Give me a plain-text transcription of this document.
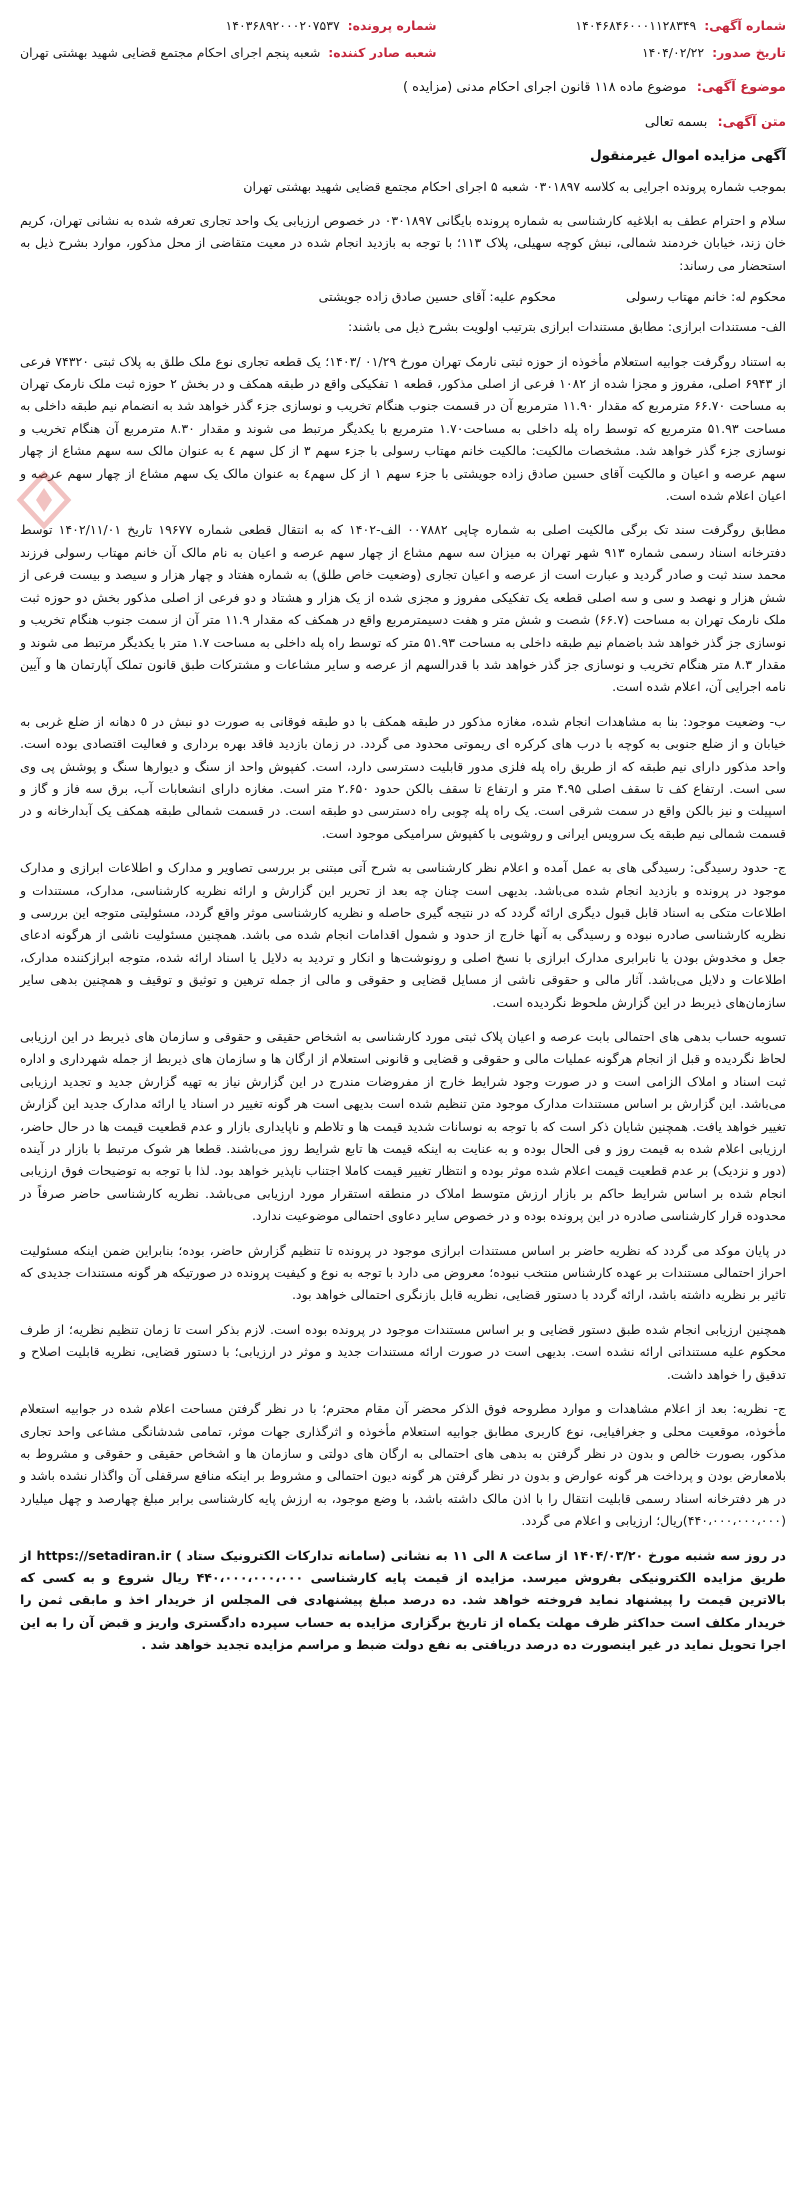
شماره آگهی:
۱۴۰۴۶۸۴۶۰۰۰۱۱۲۸۳۴۹
شماره پرونده:
۱۴۰۳۶۸۹۲۰۰۰۲۰۷۵۳۷
تاریخ صدور:
۱۴۰۴/۰۲/۲۲
شعبه صادر کننده:
شعبه پنجم اجرای احکام مجتمع قضایی شهید بهشتی تهران
موضوع آگهی: موضوع ماده ۱۱۸ قانون اجرای احکام مدنی (مزایده )
متن آگهی: بسمه تعالی
آگهی مزایده اموال غیرمنقول

بموجب شماره پرونده اجرایی به کلاسه ۰۳۰۱۸۹۷ شعبه ۵ اجرای احکام مجتمع قضایی شهید بهشتی تهران

سلام و احترام عطف به ابلاغیه کارشناسی به شماره پرونده بایگانی ۰۳۰۱۸۹۷ در خصوص ارزیابی یک واحد تجاری تعرفه شده به نشانی تهران، کریم خان زند، خیابان خردمند شمالی، نبش کوچه سهیلی، پلاک ۱۱۳؛ با توجه به بازدید انجام شده در معیت متقاضی از محل مذکور، موارد بشرح ذیل به استحضار می رساند:

محکوم له: خانم مهتاب رسولی
محکوم علیه: آقای حسین صادق زاده جویشتی

الف- مستندات ابرازی: مطابق مستندات ابرازی بترتیب اولویت بشرح ذیل می باشند:

به استناد روگرفت جوابیه استعلام مأخوذه از حوزه ثبتی نارمک تهران مورخ ۰۱/۲۹ /۱۴۰۳؛ یک قطعه تجاری نوع ملک طلق به پلاک ثبتی ۷۴۳۲۰ فرعی از ۶۹۴۳ اصلی، مفروز و مجزا شده از ۱۰۸۲ فرعی از اصلی مذکور، قطعه ۱ تفکیکی واقع در طبقه همکف و در بخش ۲ حوزه ثبت ملک نارمک تهران به مساحت ۶۶.۷۰ مترمربع که مقدار ۱۱.۹۰ مترمربع آن در قسمت جنوب هنگام تخریب و نوسازی جزء گذر خواهد شد به انضمام نیم طبقه داخلی به مساحت ۵۱.۹۳ مترمربع که توسط راه پله داخلی به مساحت۱.۷۰ مترمربع با یکدیگر مرتبط می شوند و مقدار ۸.۳۰ مترمربع آن هنگام تخریب و نوسازی جزء گذر خواهد شد. مشخصات مالکیت: مالکیت خانم مهتاب رسولی با جزء سهم ۳ از کل سهم ٤ به عنوان مالک سه سهم مشاع از چهار سهم عرصه و اعیان و مالکیت آقای حسین صادق زاده جویشتی با جزء سهم ۱ از کل سهم٤ به عنوان مالک یک سهم مشاع از چهار سهم عرصه و اعیان اعلام شده است.

مطابق روگرفت سند تک برگی مالکیت اصلی به شماره چاپی ۰۰۷۸۸۲ الف-۱۴۰۲ که به انتقال قطعی شماره ۱۹۶۷۷ تاریخ ۱۴۰۲/۱۱/۰۱ توسط دفترخانه اسناد رسمی شماره ۹۱۳ شهر تهران به میزان سه سهم مشاع از چهار سهم عرصه و اعیان به نام مالک آن خانم مهتاب رسولی فرزند محمد سند ثبت و صادر گردید و عبارت است از عرصه و اعیان تجاری (وضعیت خاص طلق) به شماره هفتاد و چهار هزار و سیصد و بیست فرعی از شش هزار و نهصد و سی و سه اصلی قطعه یک تفکیکی مفروز و مجزی شده از یک هزار و هشتاد و دو فرعی از اصلی مذکور بخش دو حوزه ثبت ملک نارمک تهران به مساحت (۶۶.۷) شصت و شش متر و هفت دسیمترمربع واقع در همکف که مقدار ۱۱.۹ متر آن از سمت جنوب هنگام تخریب و نوسازی جز گذر خواهد شد باضمام نیم طبقه داخلی به مساحت ۵۱.۹۳ متر که توسط راه پله داخلی به مساحت ۱.۷ متر با یکدیگر مرتبط می شوند و مقدار ۸.۳ متر هنگام تخریب و نوسازی جز گذر خواهد شد با قدرالسهم از عرصه و سایر مشاعات و مشترکات طبق قانون تملک آپارتمان ها و آیین نامه اجرایی آن، اعلام شده است.

ب- وضعیت موجود: بنا به مشاهدات انجام شده، مغازه مذکور در طبقه همکف با دو طبقه فوقانی به صورت دو نبش در ٥ دهانه از ضلع غربی به خیابان و از ضلع جنوبی به کوچه با درب های کرکره ای ریموتی محدود می گردد. در زمان بازدید فاقد بهره برداری و فعالیت اقتصادی بوده است. واحد مذکور دارای نیم طبقه که از طریق راه پله فلزی مدور قابلیت دسترسی دارد، است. کفپوش واحد از سنگ و دیوارها سنگ و پوشش پی وی سی است. ارتفاع کف تا سقف اصلی ۴.۹۵ متر و ارتفاع تا سقف بالکن حدود ۲.۶۵۰ متر است. مغازه دارای انشعابات آب، برق سه فاز و گاز و اسپیلت و نیز بالکن واقع در سمت شرقی است. یک راه پله چوبی راه دسترسی دو طبقه است. در قسمت شمالی طبقه همکف یک آبدارخانه و در قسمت شمالی نیم طبقه یک سرویس ایرانی و روشویی با کفپوش سرامیکی موجود است.

ج- حدود رسیدگی: رسیدگی های به عمل آمده و اعلام نظر کارشناسی به شرح آتی مبتنی بر بررسی تصاویر و مدارک و اطلاعات ابرازی و مدارک موجود در پرونده و بازدید انجام شده می‌باشد. بدیهی است چنان چه بعد از تحریر این گزارش و ارائه نظریه کارشناسی، مدارک، مستندات و اطلاعات متکی به اسناد قابل قبول دیگری ارائه گردد که در نتیجه گیری حاصله و نظریه کارشناسی موثر واقع گردد، مسئولیتی متوجه این بررسی و نظریه کارشناسی صادره نبوده و رسیدگی به آنها خارج از حدود و شمول اقدامات انجام شده می باشد. همچنین مسئولیت ناشی از هرگونه ادعای جعل و مخدوش بودن یا نابرابری مدارک ابرازی با نسخ اصلی و رونوشت‌ها و انکار و تردید به دلایل یا اسناد ارائه شده، متوجه ابرازکننده مدارک، اطلاعات و دلایل می‌باشد. آثار مالی و حقوقی ناشی از مسایل قضایی و حقوقی و مالی از جمله ترهین و توثیق و توقیف و همچنین بدهی سایر سازمان‌های ذیربط در این گزارش ملحوظ نگردیده است.

تسویه حساب بدهی های احتمالی بابت عرصه و اعیان پلاک ثبتی مورد کارشناسی به اشخاص حقیقی و حقوقی و سازمان های ذیربط در این ارزیابی لحاظ نگردیده و قبل از انجام هرگونه عملیات مالی و حقوقی و قضایی و قانونی استعلام از ارگان ها و سازمان های ذیربط از جمله شهرداری و اداره ثبت اسناد و املاک الزامی است و در صورت وجود شرایط خارج از مفروضات مندرج در این گزارش نیاز به تهیه گزارش جدید و تجدید ارزیابی می‌باشد. این گزارش بر اساس مستندات مدارک موجود متن تنظیم شده است بدیهی است هر گونه تغییر در اسناد یا ارائه مدارک جدید این گزارش تغییر خواهد یافت. همچنین شایان ذکر است که با توجه به نوسانات شدید قیمت ها و تلاطم و ناپایداری بازار و عدم قطعیت قیمت ها در حال حاضر، ارزیابی اعلام شده به قیمت روز و فی الحال بوده و به عنایت به اینکه قیمت ها تابع شرایط روز می‌باشند. قطعا هر شوک مرتبط با بازار در آینده (دور و نزدیک) بر عدم قطعیت قیمت اعلام شده موثر بوده و انتظار تغییر قیمت کاملا اجتناب ناپذیر خواهد بود. لذا با توجه به توضیحات فوق ارزیابی انجام شده بر اساس شرایط حاکم بر بازار ارزش متوسط املاک در منطقه استقرار مورد ارزیابی می‌باشد. نظریه کارشناسی حاضر صرفاً در محدوده قرار کارشناسی صادره در این پرونده بوده و در خصوص سایر دعاوی احتمالی موضوعیت ندارد.

در پایان موکد می گردد که نظریه حاضر بر اساس مستندات ابرازی موجود در پرونده تا تنظیم گزارش حاضر، بوده؛ بنابراین ضمن اینکه مسئولیت احراز احتمالی مستندات بر عهده کارشناس منتخب نبوده؛ معروض می دارد با توجه به نوع و کیفیت پرونده در صورتیکه هر گونه مستندات جدیدی که تاثیر بر نظریه داشته باشد، ارائه گردد با دستور قضایی، نظریه قابل بازنگری احتمالی خواهد بود.

همچنین ارزیابی انجام شده طبق دستور قضایی و بر اساس مستندات موجود در پرونده بوده است. لازم بذکر است تا زمان تنظیم نظریه؛ از طرف محکوم علیه مستنداتی ارائه نشده است. بدیهی است در صورت ارائه مستندات جدید و موثر در ارزیابی؛ با دستور قضایی، نظریه قابلیت اصلاح و تدقیق را خواهد داشت.

ج- نظریه: بعد از اعلام مشاهدات و موارد مطروحه فوق الذکر محضر آن مقام محترم؛ با در نظر گرفتن مساحت اعلام شده در جوابیه استعلام مأخوذه، موقعیت محلی و جغرافیایی، نوع کاربری مطابق جوابیه استعلام مأخوذه و اثرگذاری جهات موثر، تمامی شدشانگی مشاعی واحد تجاری مذکور، بصورت خالص و بدون در نظر گرفتن به بدهی های احتمالی به ارگان های دولتی و سازمان ها و اشخاص حقیقی و حقوقی و مشروط به بلامعارض بودن و پرداخت هر گونه عوارض و بدون در نظر گرفتن هر گونه دیون احتمالی و مشروط بر اینکه منافع سرقفلی آن واگذار نشده باشد و در هر دفترخانه اسناد رسمی قابلیت انتقال را با اذن مالک داشته باشد، با وضع موجود، به ارزش پایه کارشناسی برابر مبلغ چهارصد و چهل میلیارد (۴۴۰،۰۰۰،۰۰۰،۰۰۰)ریال؛ ارزیابی و اعلام می گردد.

در روز سه شنبه مورخ ۱۴۰۴/۰۳/۲۰ از ساعت ۸ الی ۱۱ به نشانی (سامانه تدارکات الکترونیک ستاد ) https://setadiran.ir از طریق مزایده الکترونیکی بفروش میرسد. مزایده از قیمت پایه کارشناسی ۴۴۰،۰۰۰،۰۰۰،۰۰۰ ریال شروع و به کسی که بالاترین قیمت را پیشنهاد نماید فروخته خواهد شد. ده درصد مبلغ پیشنهادی فی المجلس از خریدار اخذ و مابقی ثمن را خریدار مکلف است حداکثر ظرف مهلت یکماه از تاریخ برگزاری مزایده به حساب سپرده دادگستری واریز و قبض آن را به این اجرا تحویل نماید در غیر اینصورت ده درصد دریافتی به نفع دولت ضبط و مراسم مزایده تجدید خواهد شد .
